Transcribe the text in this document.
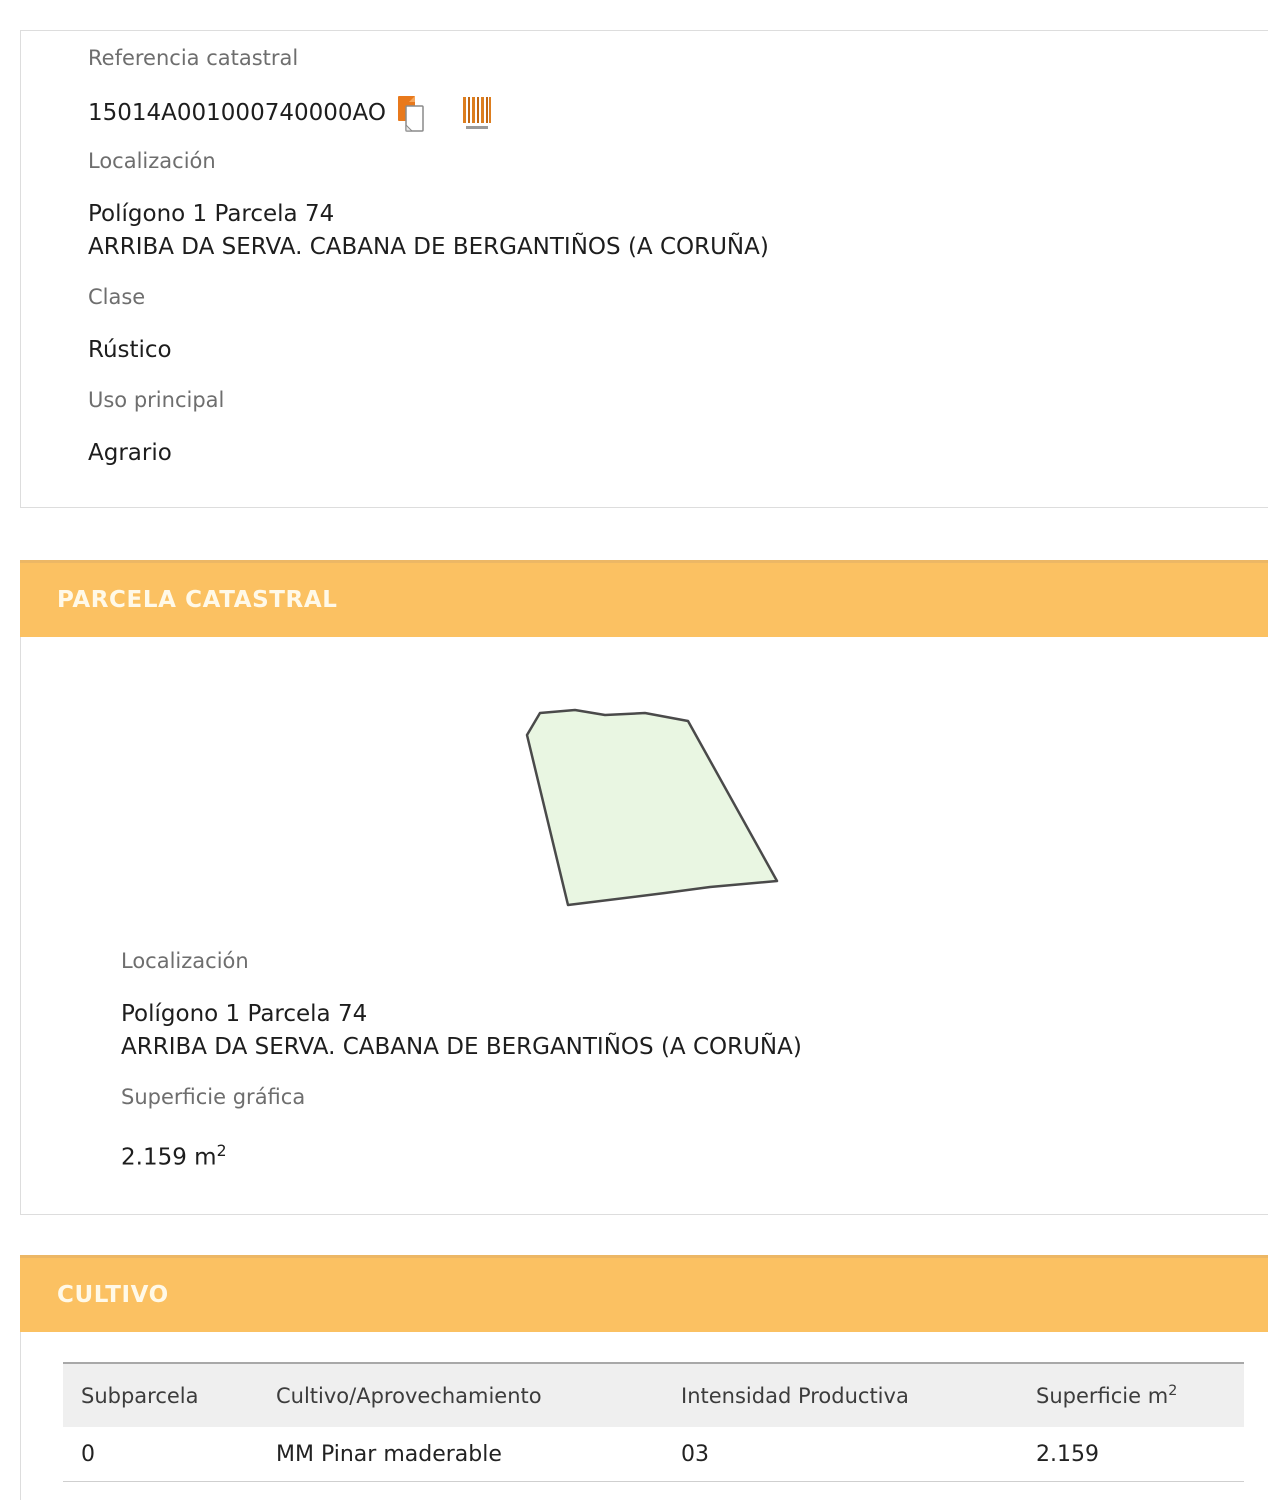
Referencia catastral

15014A001000740000AO

Localización

Polígono 1 Parcela 74
ARRIBA DA SERVA. CABANA DE BERGANTIÑOS (A CORUÑA)

Clase

Rústico

Uso principal

Agrario

PARCELA CATASTRAL

Localización

Polígono 1 Parcela 74
ARRIBA DA SERVA. CABANA DE BERGANTIÑOS (A CORUÑA)

Superficie gráfica

2.159 $m^2$

CULTIVO
Subparcela	Cultivo/Aprovechamiento	Intensidad Productiva	Superficie $m^2$
0	MM Pinar maderable	03	2.159
